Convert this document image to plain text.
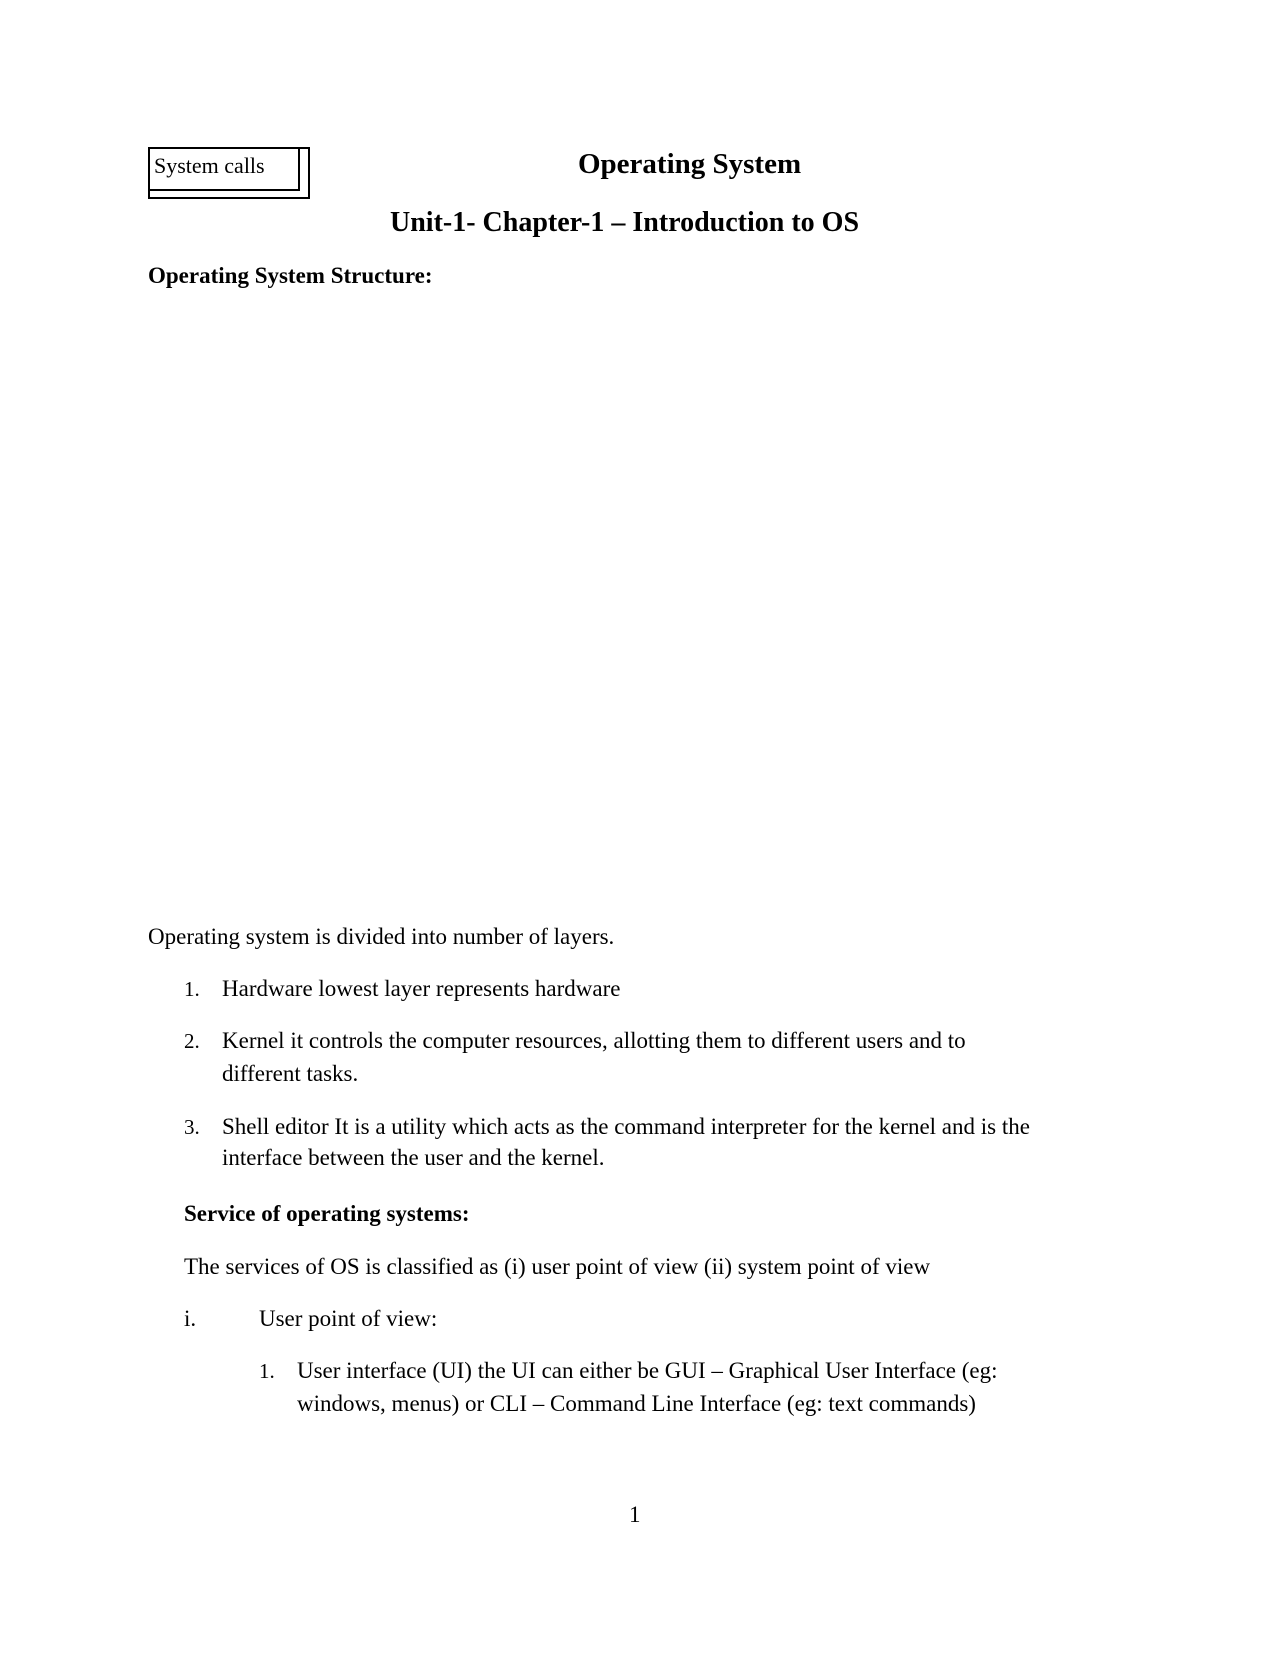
System calls	Operating System
Unit-1- Chapter-1 – Introduction to OS
Operating System Structure:
Operating system is divided into number of layers.
1. Hardware lowest layer represents hardware
2. Kernel it controls the computer resources, allotting them to different users and to
different tasks.
3. Shell editor It is a utility which acts as the command interpreter for the kernel and is the
interface between the user and the kernel.
Service of operating systems:
The services of OS is classified as (i) user point of view (ii) system point of view
i.	User point of view:
1. User interface (UI) the UI can either be GUI – Graphical User Interface (eg:
windows, menus) or CLI – Command Line Interface (eg: text commands)
1
